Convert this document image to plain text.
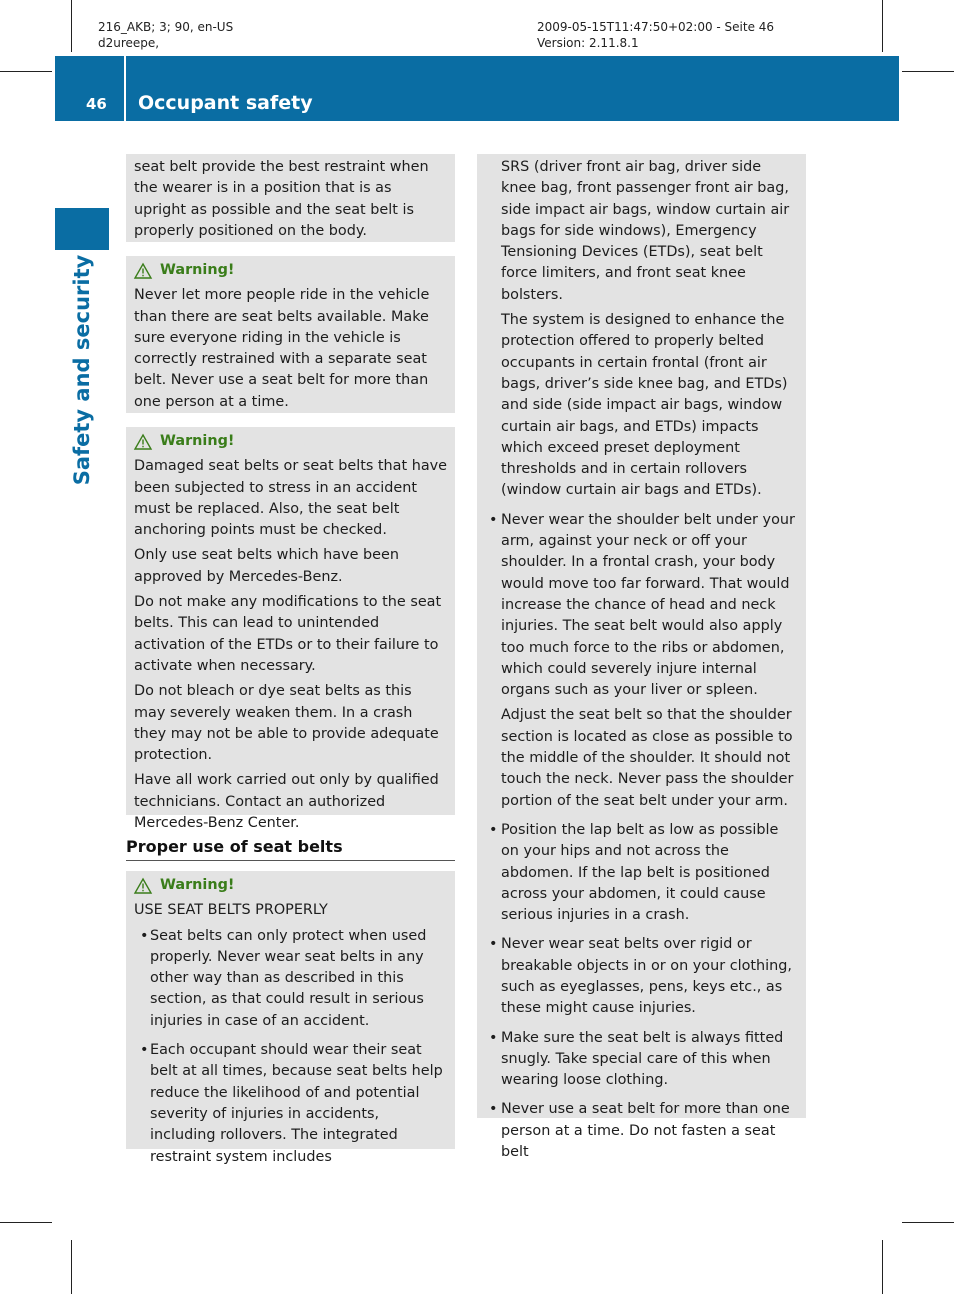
216_AKB; 3; 90, en-US
d2ureepe,
2009-05-15T11:47:50+02:00 - Seite 46
Version: 2.11.8.1
46 Occupant safety
Safety and security

seat belt provide the best restraint when the wearer is in a position that is as upright as possible and the seat belt is properly positioned on the body.

Warning!

Never let more people ride in the vehicle than there are seat belts available. Make sure everyone riding in the vehicle is correctly restrained with a separate seat belt. Never use a seat belt for more than one person at a time.

Warning!

Damaged seat belts or seat belts that have been subjected to stress in an accident must be replaced. Also, the seat belt anchoring points must be checked.

Only use seat belts which have been approved by Mercedes-Benz.

Do not make any modifications to the seat belts. This can lead to unintended activation of the ETDs or to their failure to activate when necessary.

Do not bleach or dye seat belts as this may severely weaken them. In a crash they may not be able to provide adequate protection.

Have all work carried out only by qualified technicians. Contact an authorized Mercedes-Benz Center.

Proper use of seat belts
Warning!

USE SEAT BELTS PROPERLY

• Seat belts can only protect when used properly. Never wear seat belts in any other way than as described in this section, as that could result in serious injuries in case of an accident.
• Each occupant should wear their seat belt at all times, because seat belts help reduce the likelihood of and potential severity of injuries in accidents, including rollovers. The integrated restraint system includes

SRS (driver front air bag, driver side knee bag, front passenger front air bag, side impact air bags, window curtain air bags for side windows), Emergency Tensioning Devices (ETDs), seat belt force limiters, and front seat knee bolsters.

The system is designed to enhance the protection offered to properly belted occupants in certain frontal (front air bags, driver’s side knee bag, and ETDs) and side (side impact air bags, window curtain air bags, and ETDs) impacts which exceed preset deployment thresholds and in certain rollovers (window curtain air bags and ETDs).

• Never wear the shoulder belt under your arm, against your neck or off your shoulder. In a frontal crash, your body would move too far forward. That would increase the chance of head and neck injuries. The seat belt would also apply too much force to the ribs or abdomen, which could severely injure internal organs such as your liver or spleen.
Adjust the seat belt so that the shoulder section is located as close as possible to the middle of the shoulder. It should not touch the neck. Never pass the shoulder portion of the seat belt under your arm.
• Position the lap belt as low as possible on your hips and not across the abdomen. If the lap belt is positioned across your abdomen, it could cause serious injuries in a crash.
• Never wear seat belts over rigid or breakable objects in or on your clothing, such as eyeglasses, pens, keys etc., as these might cause injuries.
• Make sure the seat belt is always fitted snugly. Take special care of this when wearing loose clothing.
• Never use a seat belt for more than one person at a time. Do not fasten a seat belt
